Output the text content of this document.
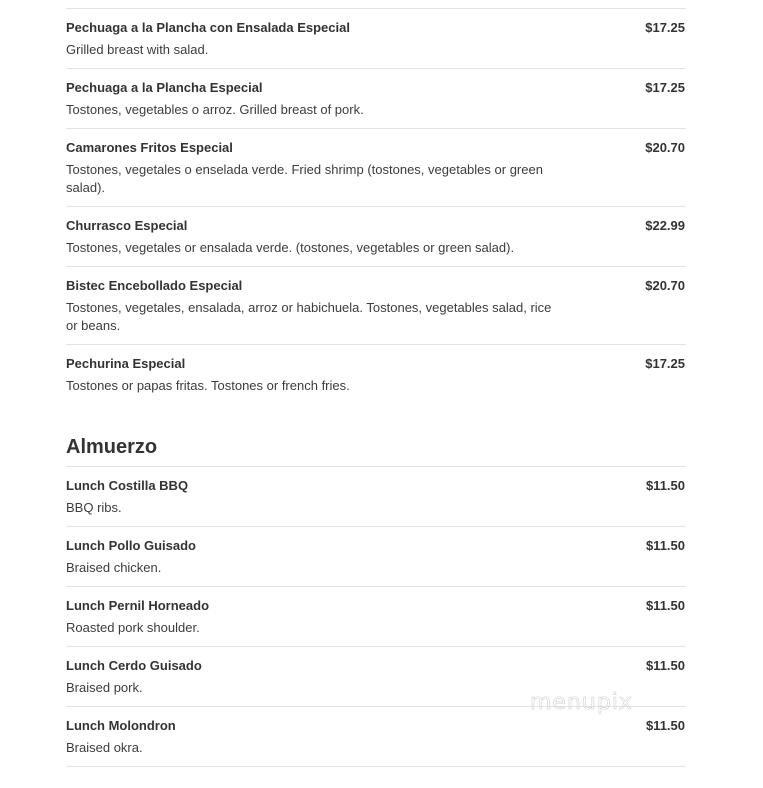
Pechuaga a la Plancha con Ensalada Especial	$17.25
Grilled breast with salad.
Pechuaga a la Plancha Especial	$17.25
Tostones, vegetables o arroz. Grilled breast of pork.
Camarones Fritos Especial	$20.70
Tostones, vegetales o enselada verde. Fried shrimp (tostones, vegetables or green salad).
Churrasco Especial	$22.99
Tostones, vegetales or ensalada verde. (tostones, vegetables or green salad).
Bistec Encebollado Especial	$20.70
Tostones, vegetales, ensalada, arroz or habichuela. Tostones, vegetables salad, rice or beans.
Pechurina Especial	$17.25
Tostones or papas fritas. Tostones or french fries.
Almuerzo
Lunch Costilla BBQ	$11.50
BBQ ribs.
Lunch Pollo Guisado	$11.50
Braised chicken.
Lunch Pernil Horneado	$11.50
Roasted pork shoulder.
Lunch Cerdo Guisado	$11.50
Braised pork.
Lunch Molondron	$11.50
Braised okra.
menupix
